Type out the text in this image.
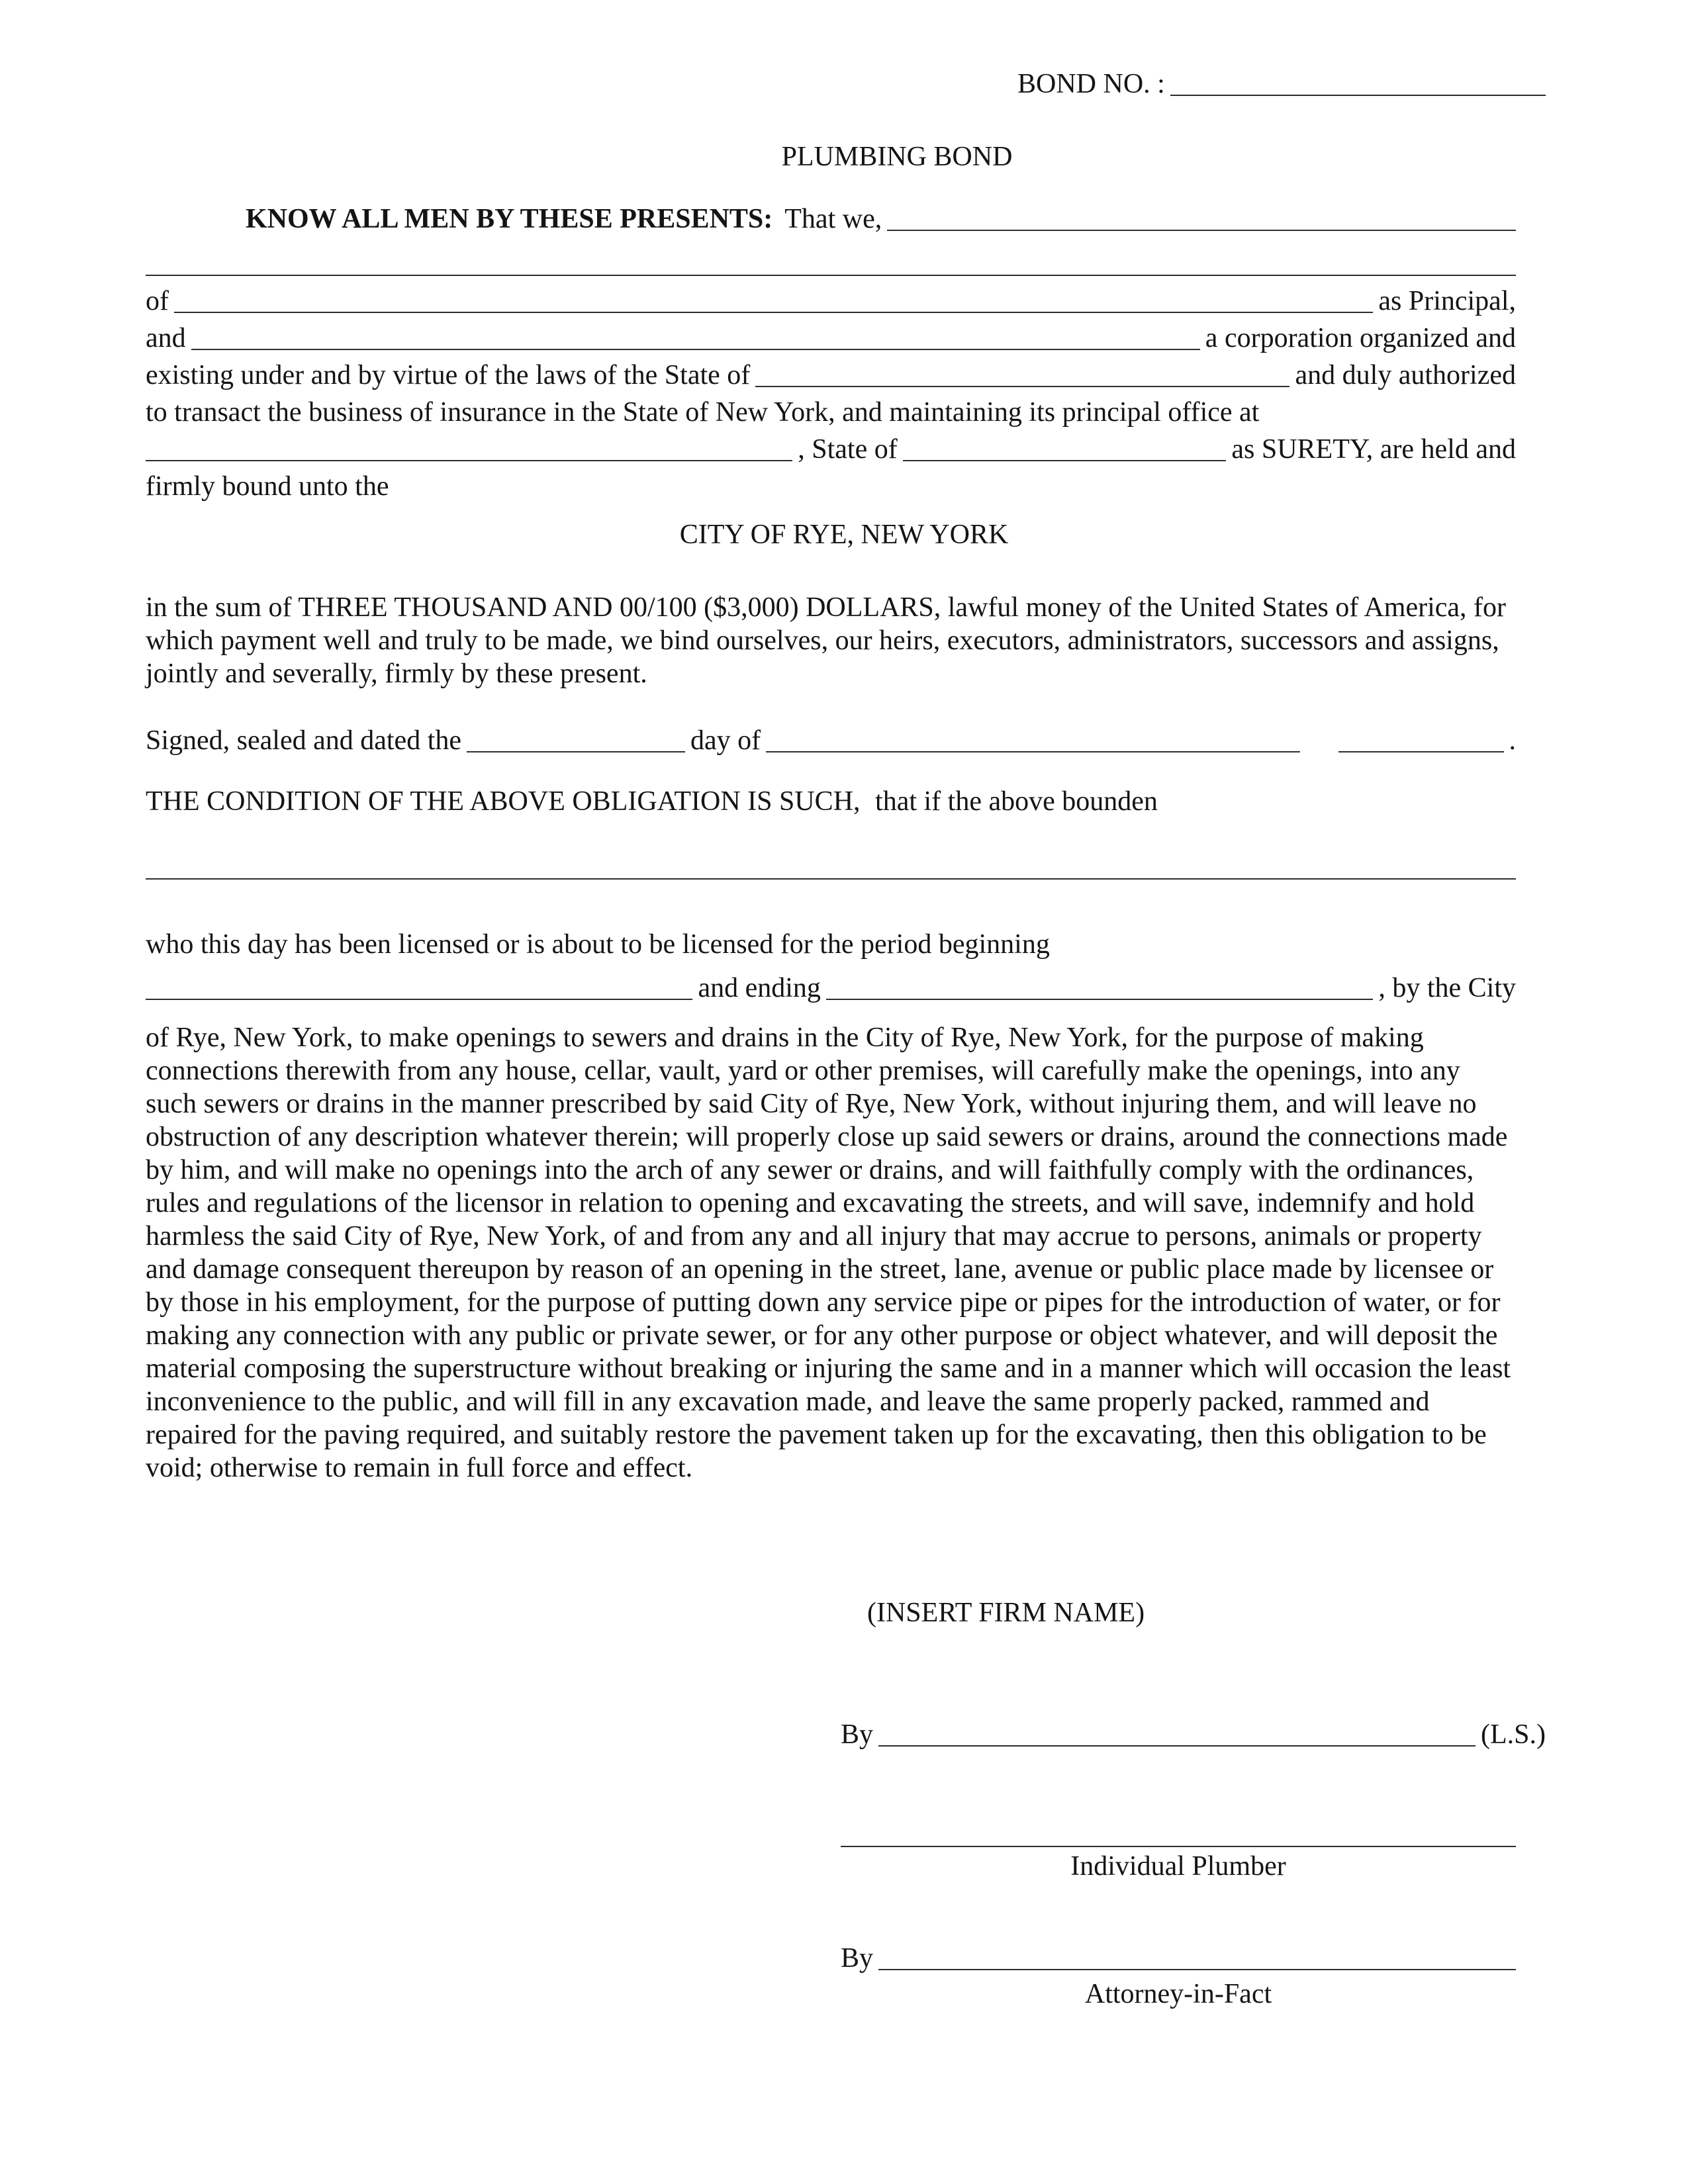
BOND NO. :
PLUMBING BOND
KNOW ALL MEN BY THESE PRESENTS: That we,
of	as Principal,
and	a corporation organized and
existing under and by virtue of the laws of the State of	and duly authorized
to transact the business of insurance in the State of New York, and maintaining its principal office at
, State of	as SURETY, are held and
firmly bound unto the
CITY OF RYE, NEW YORK
in the sum of THREE THOUSAND AND 00/100 ($3,000) DOLLARS, lawful money of the United States of America, for which payment well and truly to be made, we bind ourselves, our heirs, executors, administrators, successors and assigns, jointly and severally, firmly by these present.
Signed, sealed and dated the	day of	.
THE CONDITION OF THE ABOVE OBLIGATION IS SUCH, that if the above bounden
who this day has been licensed or is about to be licensed for the period beginning
and ending	, by the City
of Rye, New York, to make openings to sewers and drains in the City of Rye, New York, for the purpose of making connections therewith from any house, cellar, vault, yard or other premises, will carefully make the openings, into any such sewers or drains in the manner prescribed by said City of Rye, New York, without injuring them, and will leave no obstruction of any description whatever therein; will properly close up said sewers or drains, around the connections made by him, and will make no openings into the arch of any sewer or drains, and will faithfully comply with the ordinances, rules and regulations of the licensor in relation to opening and excavating the streets, and will save, indemnify and hold harmless the said City of Rye, New York, of and from any and all injury that may accrue to persons, animals or property and damage consequent thereupon by reason of an opening in the street, lane, avenue or public place made by licensee or by those in his employment, for the purpose of putting down any service pipe or pipes for the introduction of water, or for making any connection with any public or private sewer, or for any other purpose or object whatever, and will deposit the material composing the superstructure without breaking or injuring the same and in a manner which will occasion the least inconvenience to the public, and will fill in any excavation made, and leave the same properly packed, rammed and repaired for the paving required, and suitably restore the pavement taken up for the excavating, then this obligation to be void; otherwise to remain in full force and effect.
(INSERT FIRM NAME)
By	(L.S.)
Individual Plumber
By
Attorney-in-Fact
